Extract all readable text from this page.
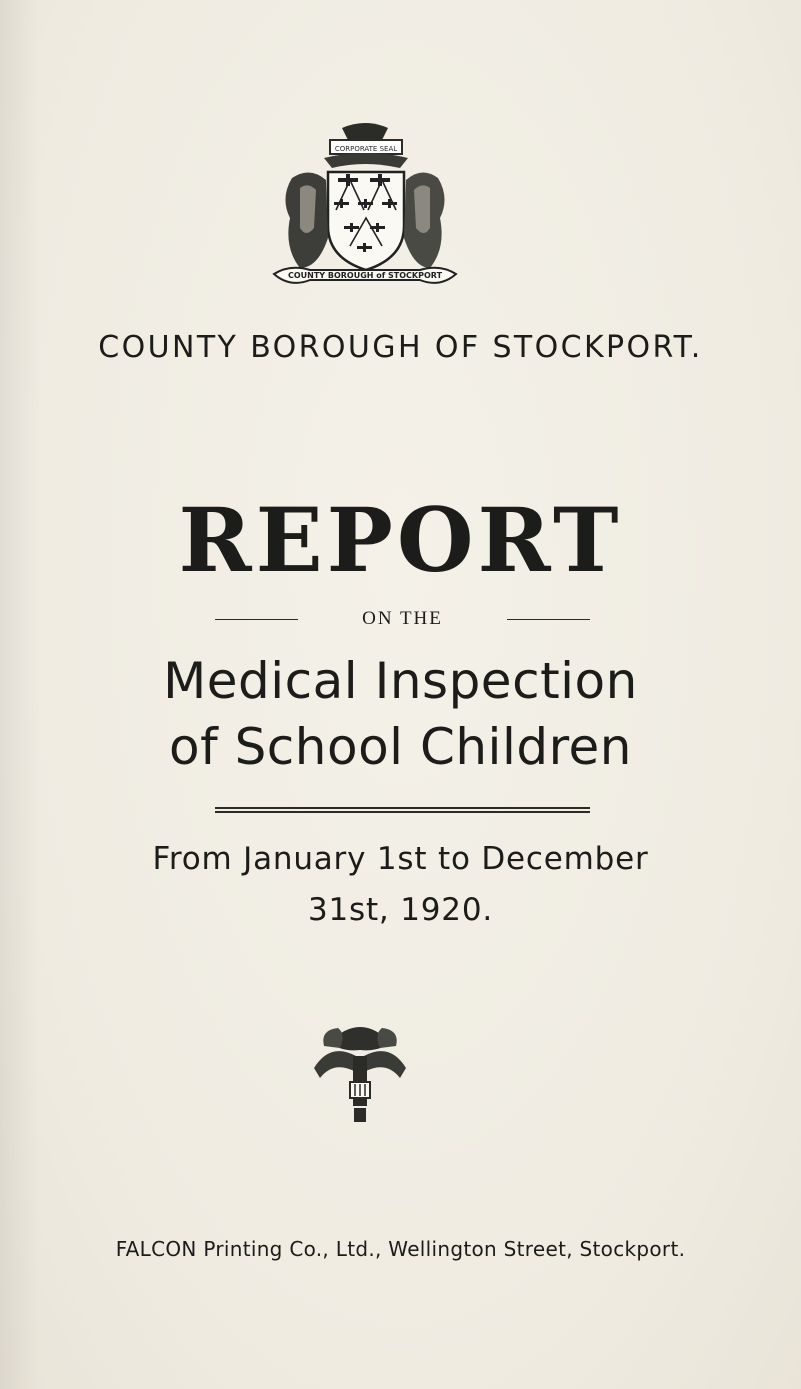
CORPORATE SEAL
COUNTY BOROUGH of STOCKPORT
COUNTY BOROUGH OF STOCKPORT.
REPORT
ON THE
Medical Inspection
of School Children
From January 1st to December
31st, 1920.
FALCON Printing Co., Ltd., Wellington Street, Stockport.
